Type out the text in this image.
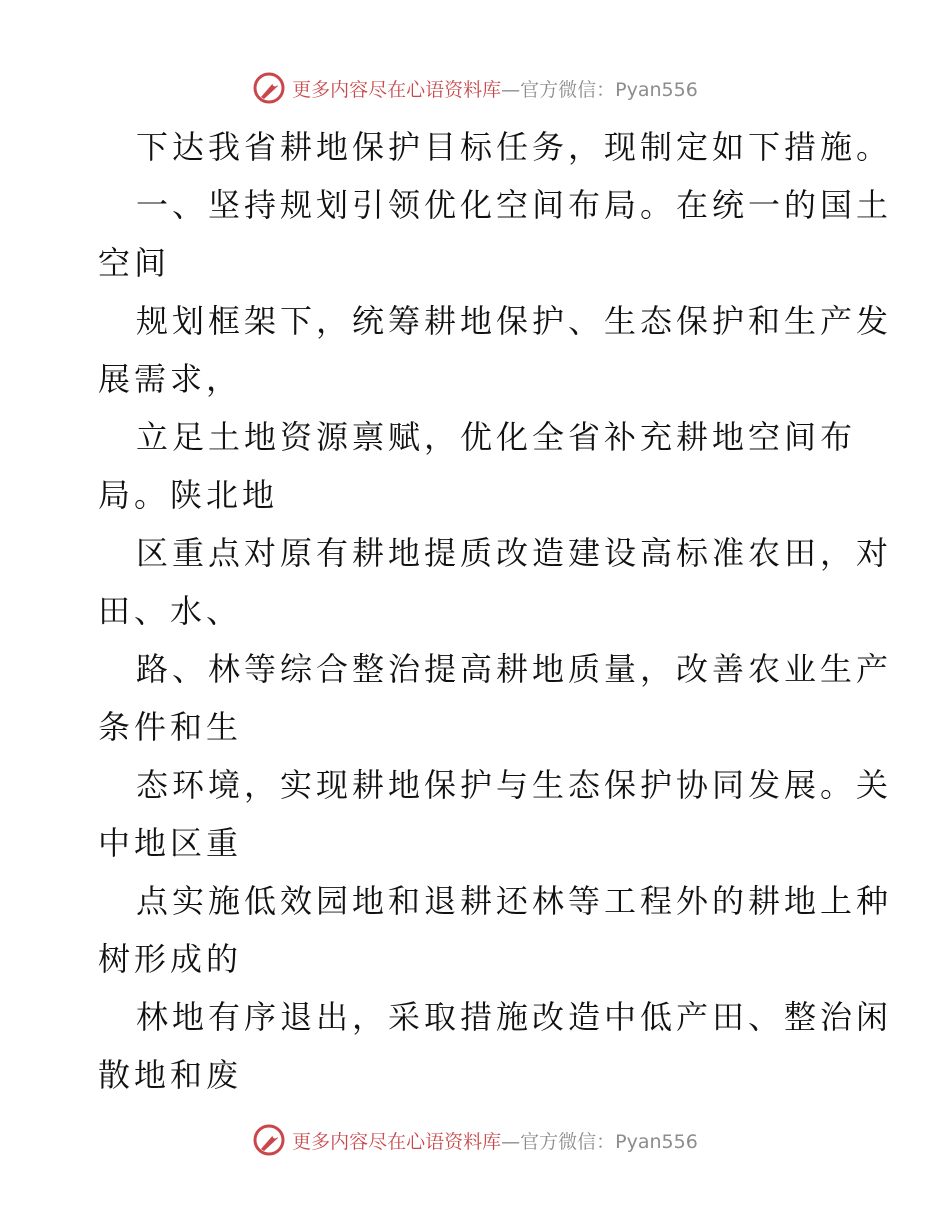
更多内容尽在心语资料库 —官方微信：Pyan556

下达我省耕地保护目标任务，现制定如下措施。

一、坚持规划引领优化空间布局。在统一的国土

空间

规划框架下，统筹耕地保护、生态保护和生产发

展需求，

立足土地资源禀赋，优化全省补充耕地空间布

局。陕北地

区重点对原有耕地提质改造建设高标准农田，对

田、水、

路、林等综合整治提高耕地质量，改善农业生产

条件和生

态环境，实现耕地保护与生态保护协同发展。关

中地区重

点实施低效园地和退耕还林等工程外的耕地上种

树形成的

林地有序退出，采取措施改造中低产田、整治闲

散地和废

更多内容尽在心语资料库 —官方微信：Pyan556
